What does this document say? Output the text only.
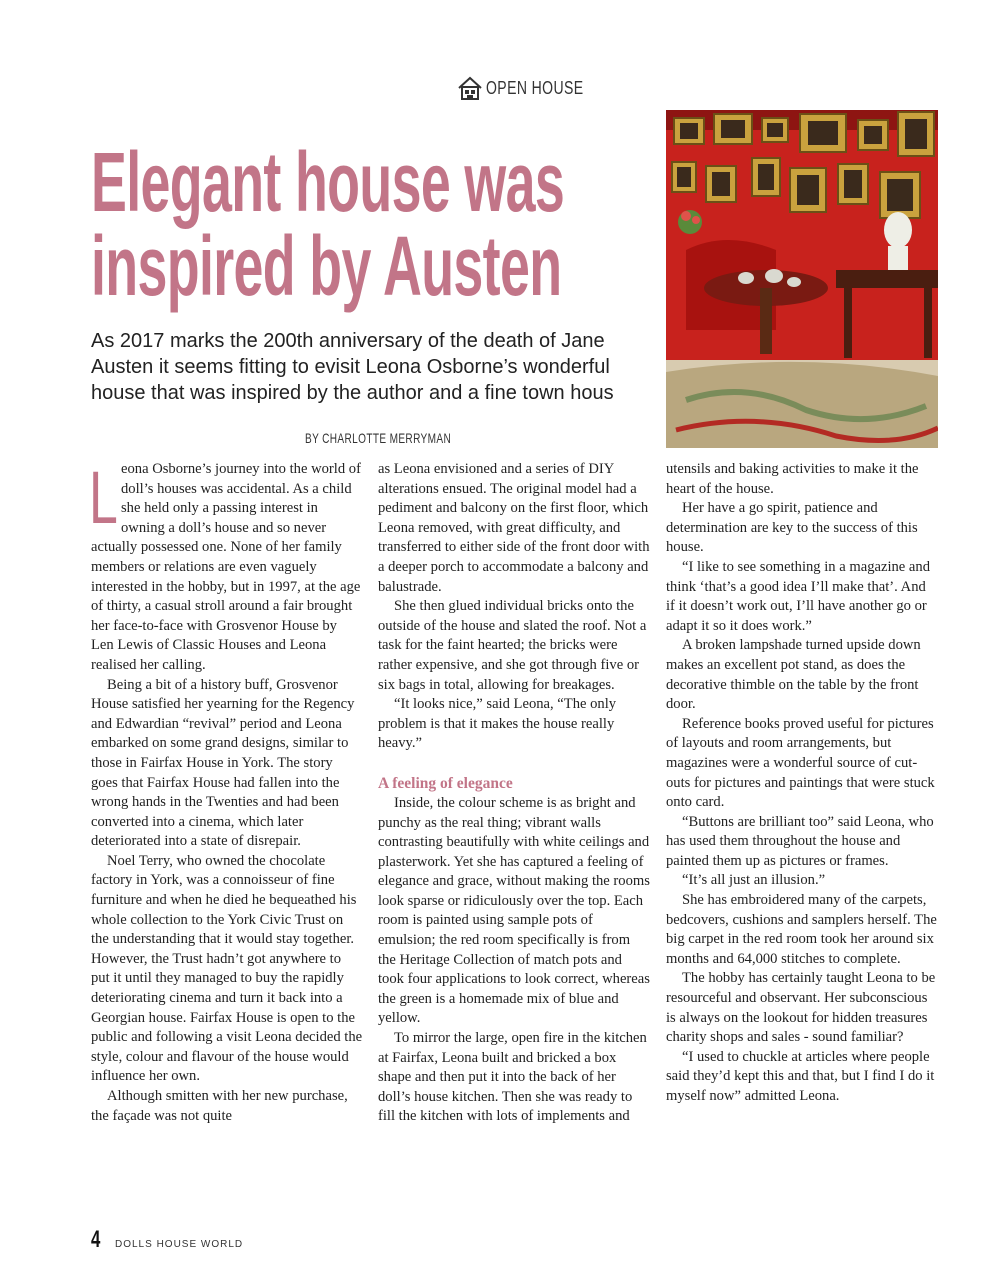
OPEN HOUSE
Elegant house was
inspired by Austen
As 2017 marks the 200th anniversary of the death of Jane
Austen it seems fitting to evisit Leona Osborne’s wonderful
house that was inspired by the author and a fine town hous
BY CHARLOTTE MERRYMAN

Leona Osborne’s journey into the world of doll’s houses was accidental. As a child she held only a passing interest in owning a doll’s house and so never actually possessed one. None of her family members or relations are even vaguely interested in the hobby, but in 1997, at the age of thirty, a casual stroll around a fair brought her face-to-face with Grosvenor House by Len Lewis of Classic Houses and Leona realised her calling.

Being a bit of a history buff, Grosvenor House satisfied her yearning for the Regency and Edwardian “revival” period and Leona embarked on some grand designs, similar to those in Fairfax House in York. The story goes that Fairfax House had fallen into the wrong hands in the Twenties and had been converted into a cinema, which later deteriorated into a state of disrepair.

Noel Terry, who owned the chocolate factory in York, was a connoisseur of fine furniture and when he died he bequeathed his whole collection to the York Civic Trust on the understanding that it would stay together. However, the Trust hadn’t got anywhere to put it until they managed to buy the rapidly deteriorating cinema and turn it back into a Georgian house. Fairfax House is open to the public and following a visit Leona decided the style, colour and flavour of the house would influence her own.

Although smitten with her new purchase, the façade was not quite

as Leona envisioned and a series of DIY alterations ensued. The original model had a pediment and balcony on the first floor, which Leona removed, with great difficulty, and transferred to either side of the front door with a deeper porch to accommodate a balcony and balustrade.

She then glued individual bricks onto the outside of the house and slated the roof. Not a task for the faint hearted; the bricks were rather expensive, and she got through five or six bags in total, allowing for breakages.

“It looks nice,” said Leona, “The only problem is that it makes the house really heavy.”

A feeling of elegance

Inside, the colour scheme is as bright and punchy as the real thing; vibrant walls contrasting beautifully with white ceilings and plasterwork. Yet she has captured a feeling of elegance and grace, without making the rooms look sparse or ridiculously over the top. Each room is painted using sample pots of emulsion; the red room specifically is from the Heritage Collection of match pots and took four applications to look correct, whereas the green is a homemade mix of blue and yellow.

To mirror the large, open fire in the kitchen at Fairfax, Leona built and bricked a box shape and then put it into the back of her doll’s house kitchen. Then she was ready to fill the kitchen with lots of implements and

utensils and baking activities to make it the heart of the house.

Her have a go spirit, patience and determination are key to the success of this house.

“I like to see something in a magazine and think ‘that’s a good idea I’ll make that’. And if it doesn’t work out, I’ll have another go or adapt it so it does work.”

A broken lampshade turned upside down makes an excellent pot stand, as does the decorative thimble on the table by the front door.

Reference books proved useful for pictures of layouts and room arrangements, but magazines were a wonderful source of cut-outs for pictures and paintings that were stuck onto card.

“Buttons are brilliant too” said Leona, who has used them throughout the house and painted them up as pictures or frames.

“It’s all just an illusion.”

She has embroidered many of the carpets, bedcovers, cushions and samplers herself. The big carpet in the red room took her around six months and 64,000 stitches to complete.

The hobby has certainly taught Leona to be resourceful and observant. Her subconscious is always on the lookout for hidden treasures charity shops and sales - sound familiar?

“I used to chuckle at articles where people said they’d kept this and that, but I find I do it myself now” admitted Leona.

4 DOLLS HOUSE WORLD
